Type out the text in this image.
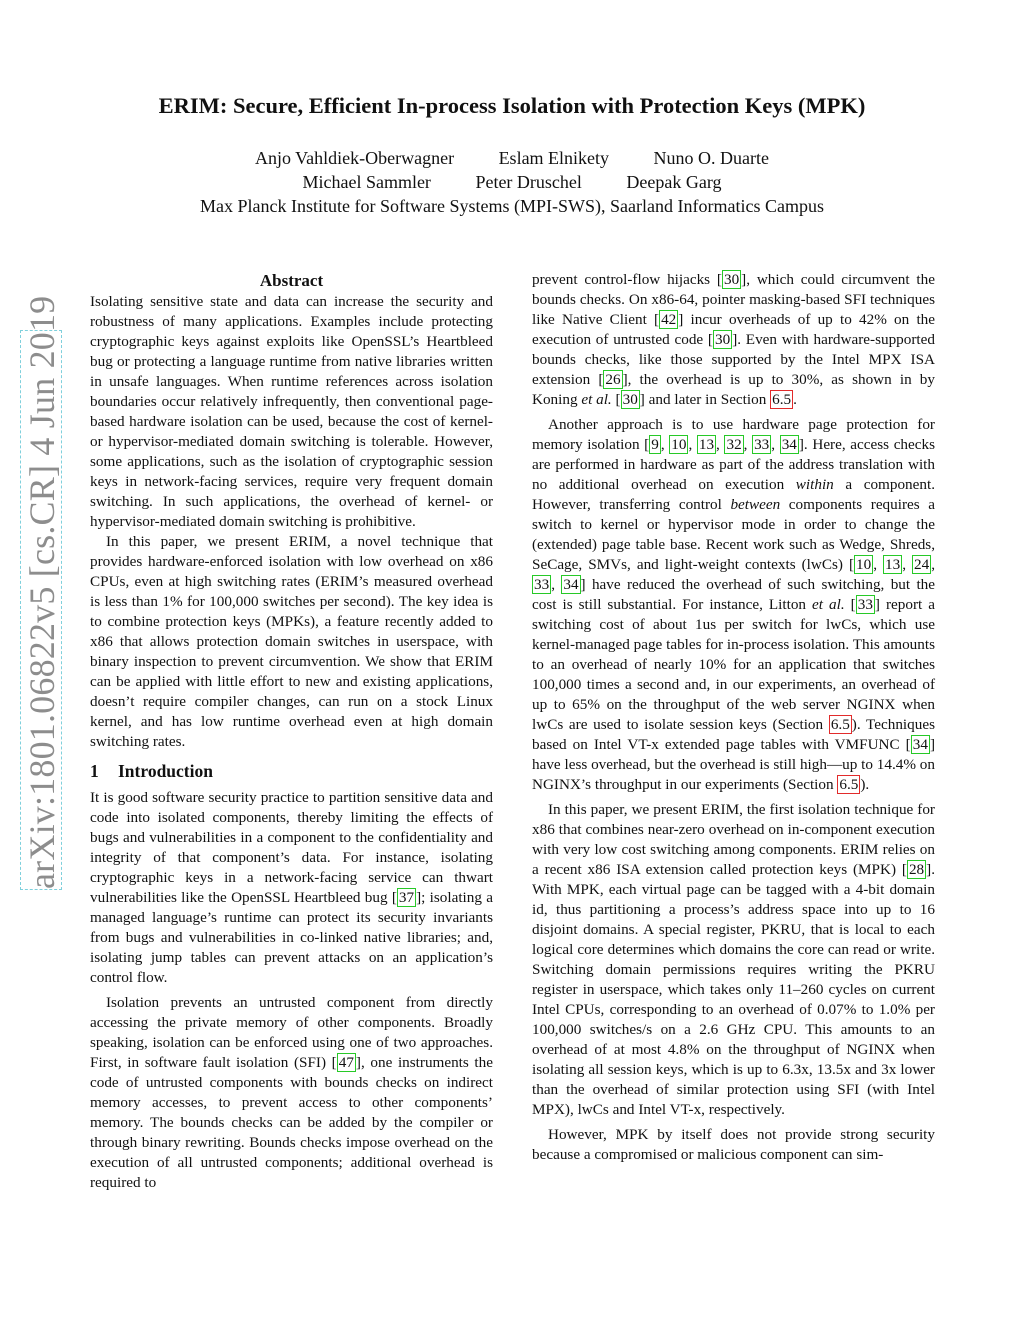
ERIM: Secure, Efficient In-process Isolation with Protection Keys (MPK)
Anjo Vahldiek-Oberwagner Eslam Elnikety Nuno O. Duarte
Michael Sammler Peter Druschel Deepak Garg
Max Planck Institute for Software Systems (MPI-SWS), Saarland Informatics Campus
arXiv:1801.06822v5 [cs.CR] 4 Jun 2019
Abstract

Isolating sensitive state and data can increase the security and robustness of many applications. Examples include protecting cryptographic keys against exploits like OpenSSL’s Heartbleed bug or protecting a language runtime from native libraries written in unsafe languages. When runtime references across isolation boundaries occur relatively infrequently, then conventional page-based hardware isolation can be used, because the cost of kernel- or hypervisor-mediated domain switching is tolerable. However, some applications, such as the isolation of cryptographic session keys in network-facing services, require very frequent domain switching. In such applications, the overhead of kernel- or hypervisor-mediated domain switching is prohibitive.

In this paper, we present ERIM, a novel technique that provides hardware-enforced isolation with low overhead on x86 CPUs, even at high switching rates (ERIM’s measured overhead is less than 1% for 100,000 switches per second). The key idea is to combine protection keys (MPKs), a feature recently added to x86 that allows protection domain switches in userspace, with binary inspection to prevent circumvention. We show that ERIM can be applied with little effort to new and existing applications, doesn’t require compiler changes, can run on a stock Linux kernel, and has low runtime overhead even at high domain switching rates.

1 Introduction

It is good software security practice to partition sensitive data and code into isolated components, thereby limiting the effects of bugs and vulnerabilities in a component to the confidentiality and integrity of that component’s data. For instance, isolating cryptographic keys in a network-facing service can thwart vulnerabilities like the OpenSSL Heartbleed bug [ 37 ]; isolating a managed language’s runtime can protect its security invariants from bugs and vulnerabilities in co-linked native libraries; and, isolating jump tables can prevent attacks on an application’s control flow.

Isolation prevents an untrusted component from directly accessing the private memory of other components. Broadly speaking, isolation can be enforced using one of two approaches. First, in software fault isolation (SFI) [ 47 ], one instruments the code of untrusted components with bounds checks on indirect memory accesses, to prevent access to other components’ memory. The bounds checks can be added by the compiler or through binary rewriting. Bounds checks impose overhead on the execution of all untrusted components; additional overhead is required to

prevent control-flow hijacks [ 30 ], which could circumvent the bounds checks. On x86-64, pointer masking-based SFI techniques like Native Client [ 42 ] incur overheads of up to 42% on the execution of untrusted code [ 30 ]. Even with hardware-supported bounds checks, like those supported by the Intel MPX ISA extension [ 26 ], the overhead is up to 30%, as shown in by Koning et al. [ 30 ] and later in Section 6.5 .

Another approach is to use hardware page protection for memory isolation [ 9 , 10 , 13 , 32 , 33 , 34 ]. Here, access checks are performed in hardware as part of the address translation with no additional overhead on execution within a component. However, transferring control between components requires a switch to kernel or hypervisor mode in order to change the (extended) page table base. Recent work such as Wedge, Shreds, SeCage, SMVs, and light-weight contexts (lwCs) [ 10 , 13 , 24 , 33 , 34 ] have reduced the overhead of such switching, but the cost is still substantial. For instance, Litton et al. [ 33 ] report a switching cost of about 1us per switch for lwCs, which use kernel-managed page tables for in-process isolation. This amounts to an overhead of nearly 10% for an application that switches 100,000 times a second and, in our experiments, an overhead of up to 65% on the throughput of the web server NGINX when lwCs are used to isolate session keys (Section 6.5 ). Techniques based on Intel VT-x extended page tables with VMFUNC [ 34 ] have less overhead, but the overhead is still high—up to 14.4% on NGINX’s throughput in our experiments (Section 6.5 ).

In this paper, we present ERIM, the first isolation technique for x86 that combines near-zero overhead on in-component execution with very low cost switching among components. ERIM relies on a recent x86 ISA extension called protection keys (MPK) [ 28 ]. With MPK, each virtual page can be tagged with a 4-bit domain id, thus partitioning a process’s address space into up to 16 disjoint domains. A special register, PKRU, that is local to each logical core determines which domains the core can read or write. Switching domain permissions requires writing the PKRU register in userspace, which takes only 11–260 cycles on current Intel CPUs, corresponding to an overhead of 0.07% to 1.0% per 100,000 switches/s on a 2.6 GHz CPU. This amounts to an overhead of at most 4.8% on the throughput of NGINX when isolating all session keys, which is up to 6.3x, 13.5x and 3x lower than the overhead of similar protection using SFI (with Intel MPX), lwCs and Intel VT-x, respectively.

However, MPK by itself does not provide strong security because a compromised or malicious component can sim-
